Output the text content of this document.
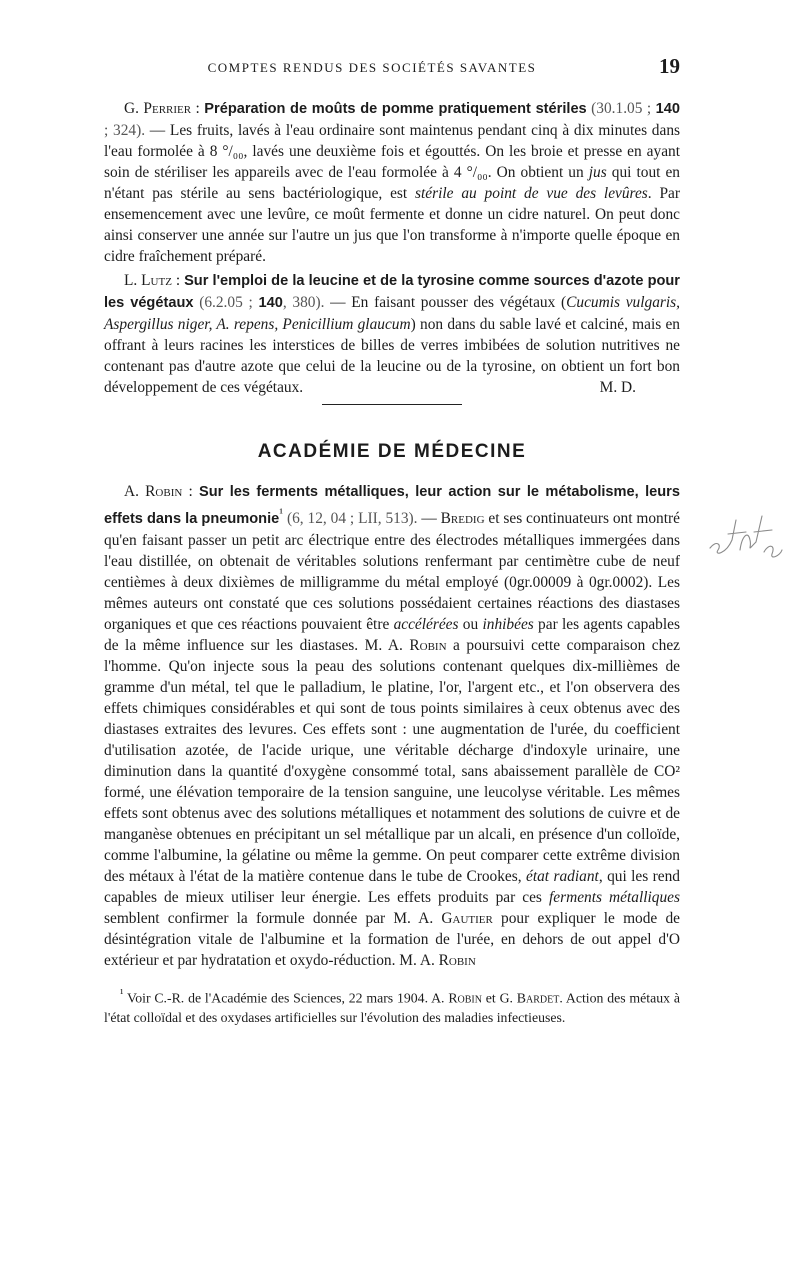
COMPTES RENDUS DES SOCIÉTÉS SAVANTES	19

G. Perrier : Préparation de moûts de pomme pratiquement stériles (30.1.05 ; 140 ; 324). — Les fruits, lavés à l'eau ordinaire sont maintenus pendant cinq à dix minutes dans l'eau formolée à 8 °/₀₀, lavés une deuxième fois et égouttés. On les broie et presse en ayant soin de stériliser les appareils avec de l'eau formolée à 4 °/₀₀. On obtient un jus qui tout en n'étant pas stérile au sens bactériologique, est stérile au point de vue des levûres. Par ensemencement avec une levûre, ce moût fermente et donne un cidre naturel. On peut donc ainsi conserver une année sur l'autre un jus que l'on transforme à n'importe quelle époque en cidre fraîchement préparé.

L. Lutz : Sur l'emploi de la leucine et de la tyrosine comme sources d'azote pour les végétaux (6.2.05 ; 140, 380). — En faisant pousser des végétaux (Cucumis vulgaris, Aspergillus niger, A. repens, Penicillium glaucum) non dans du sable lavé et calciné, mais en offrant à leurs racines les interstices de billes de verres imbibées de solution nutritives ne contenant pas d'autre azote que celui de la leucine ou de la tyrosine, on obtient un fort bon développement de ces végétaux.	M. D.

ACADÉMIE DE MÉDECINE

A. Robin : Sur les ferments métalliques, leur action sur le métabolisme, leurs effets dans la pneumonie$^{^1}$ (6, 12, 04 ; LII, 513). — Bredig et ses continuateurs ont montré qu'en faisant passer un petit arc électrique entre des électrodes métalliques immergées dans l'eau distillée, on obtenait de véritables solutions renfermant par centimètre cube de neuf centièmes à deux dixièmes de milligramme du métal employé (0gr.00009 à 0gr.0002). Les mêmes auteurs ont constaté que ces solutions possédaient certaines réactions des diastases organiques et que ces réactions pouvaient être accélérées ou inhibées par les agents capables de la même influence sur les diastases. M. A. Robin a poursuivi cette comparaison chez l'homme. Qu'on injecte sous la peau des solutions contenant quelques dix-millièmes de gramme d'un métal, tel que le palladium, le platine, l'or, l'argent etc., et l'on observera des effets chimiques considérables et qui sont de tous points similaires à ceux obtenus avec des diastases extraites des levures. Ces effets sont : une augmentation de l'urée, du coefficient d'utilisation azotée, de l'acide urique, une véritable décharge d'indoxyle urinaire, une diminution dans la quantité d'oxygène consommé total, sans abaissement parallèle de CO² formé, une élévation temporaire de la tension sanguine, une leucolyse véritable. Les mêmes effets sont obtenus avec des solutions métalliques et notamment des solutions de cuivre et de manganèse obtenues en précipitant un sel métallique par un alcali, en présence d'un colloïde, comme l'albumine, la gélatine ou même la gemme. On peut comparer cette extrême division des métaux à l'état de la matière contenue dans le tube de Crookes, état radiant, qui les rend capables de mieux utiliser leur énergie. Les effets produits par ces ferments métalliques semblent confirmer la formule donnée par M. A. Gautier pour expliquer le mode de désintégration vitale de l'albumine et la formation de l'urée, en dehors de out appel d'O extérieur et par hydratation et oxydo-réduction. M. A. Robin

$^{^1}$ Voir C.-R. de l'Académie des Sciences, 22 mars 1904. A. Robin et G. Bardet. Action des métaux à l'état colloïdal et des oxydases artificielles sur l'évolution des maladies infectieuses.
